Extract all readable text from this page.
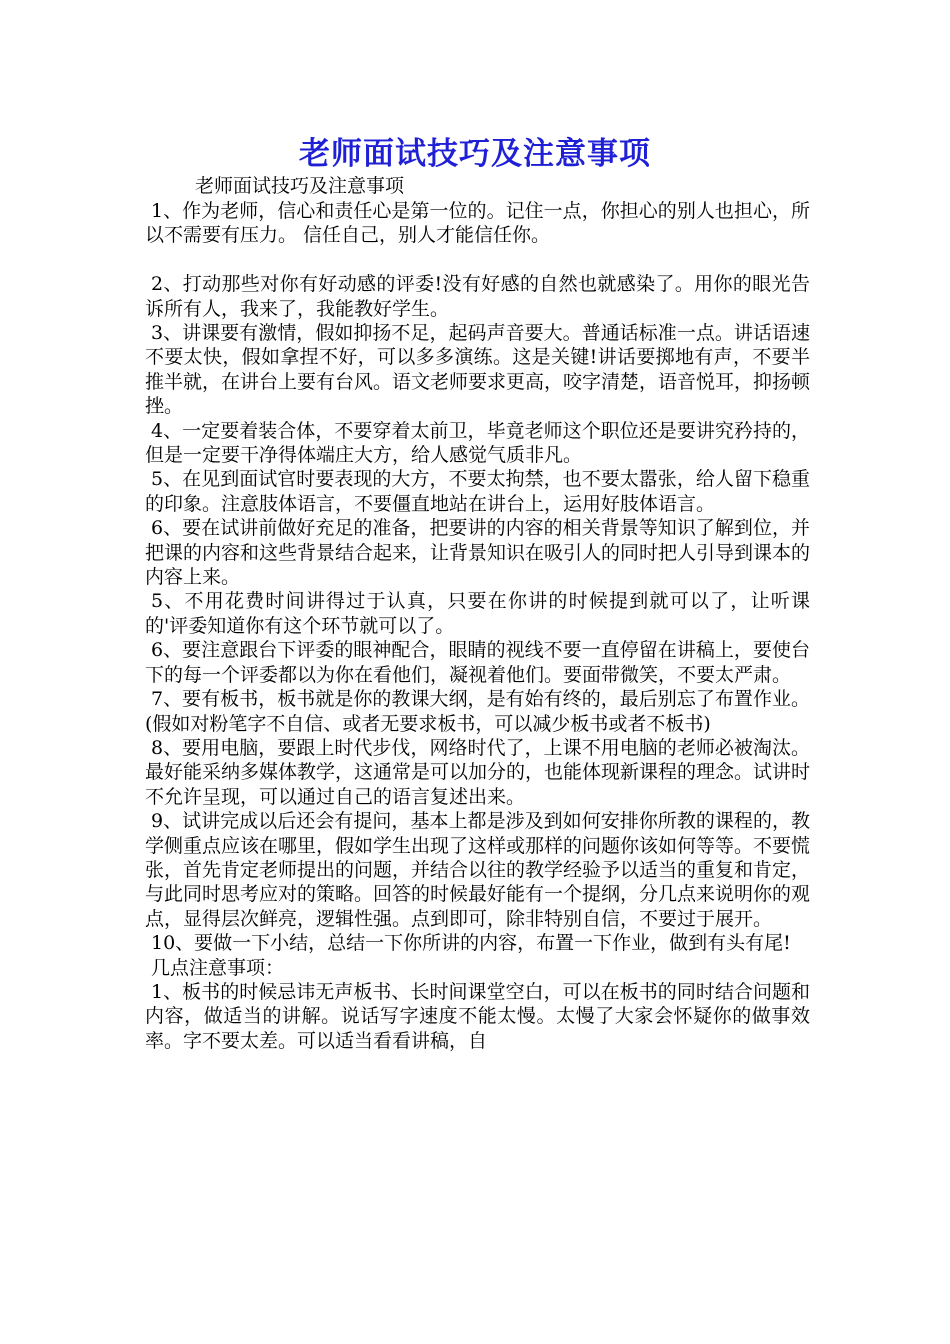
老师面试技巧及注意事项

老师面试技巧及注意事项

1、作为老师，信心和责任心是第一位的。记住一点，你担心的别人也担心，所以不需要有压力。 信任自己，别人才能信任你。

2、打动那些对你有好动感的评委!没有好感的自然也就感染了。用你的眼光告诉所有人，我来了，我能教好学生。

3、讲课要有激情，假如抑扬不足，起码声音要大。普通话标准一点。讲话语速不要太快，假如拿捏不好，可以多多演练。这是关键!讲话要掷地有声，不要半推半就，在讲台上要有台风。语文老师要求更高，咬字清楚，语音悦耳，抑扬顿挫。

4、一定要着装合体，不要穿着太前卫，毕竟老师这个职位还是要讲究矜持的，但是一定要干净得体端庄大方，给人感觉气质非凡。

5、在见到面试官时要表现的大方，不要太拘禁，也不要太嚣张，给人留下稳重的印象。注意肢体语言，不要僵直地站在讲台上，运用好肢体语言。

6、要在试讲前做好充足的准备，把要讲的内容的相关背景等知识了解到位，并把课的内容和这些背景结合起来，让背景知识在吸引人的同时把人引导到课本的内容上来。

5、不用花费时间讲得过于认真，只要在你讲的时候提到就可以了，让听课的'评委知道你有这个环节就可以了。

6、要注意跟台下评委的眼神配合，眼睛的视线不要一直停留在讲稿上，要使台下的每一个评委都以为你在看他们，凝视着他们。要面带微笑，不要太严肃。

7、要有板书，板书就是你的教课大纲，是有始有终的，最后别忘了布置作业。(假如对粉笔字不自信、或者无要求板书，可以减少板书或者不板书)

8、要用电脑，要跟上时代步伐，网络时代了，上课不用电脑的老师必被淘汰。最好能采纳多媒体教学，这通常是可以加分的，也能体现新课程的理念。试讲时不允许呈现，可以通过自己的语言复述出来。

9、试讲完成以后还会有提问，基本上都是涉及到如何安排你所教的课程的，教学侧重点应该在哪里，假如学生出现了这样或那样的问题你该如何等等。不要慌张，首先肯定老师提出的问题，并结合以往的教学经验予以适当的重复和肯定，与此同时思考应对的策略。回答的时候最好能有一个提纲，分几点来说明你的观点，显得层次鲜亮，逻辑性强。点到即可，除非特别自信，不要过于展开。

10、要做一下小结，总结一下你所讲的内容，布置一下作业，做到有头有尾!

几点注意事项：

1、板书的时候忌讳无声板书、长时间课堂空白，可以在板书的同时结合问题和内容，做适当的讲解。说话写字速度不能太慢。太慢了大家会怀疑你的做事效率。字不要太差。可以适当看看讲稿，自
